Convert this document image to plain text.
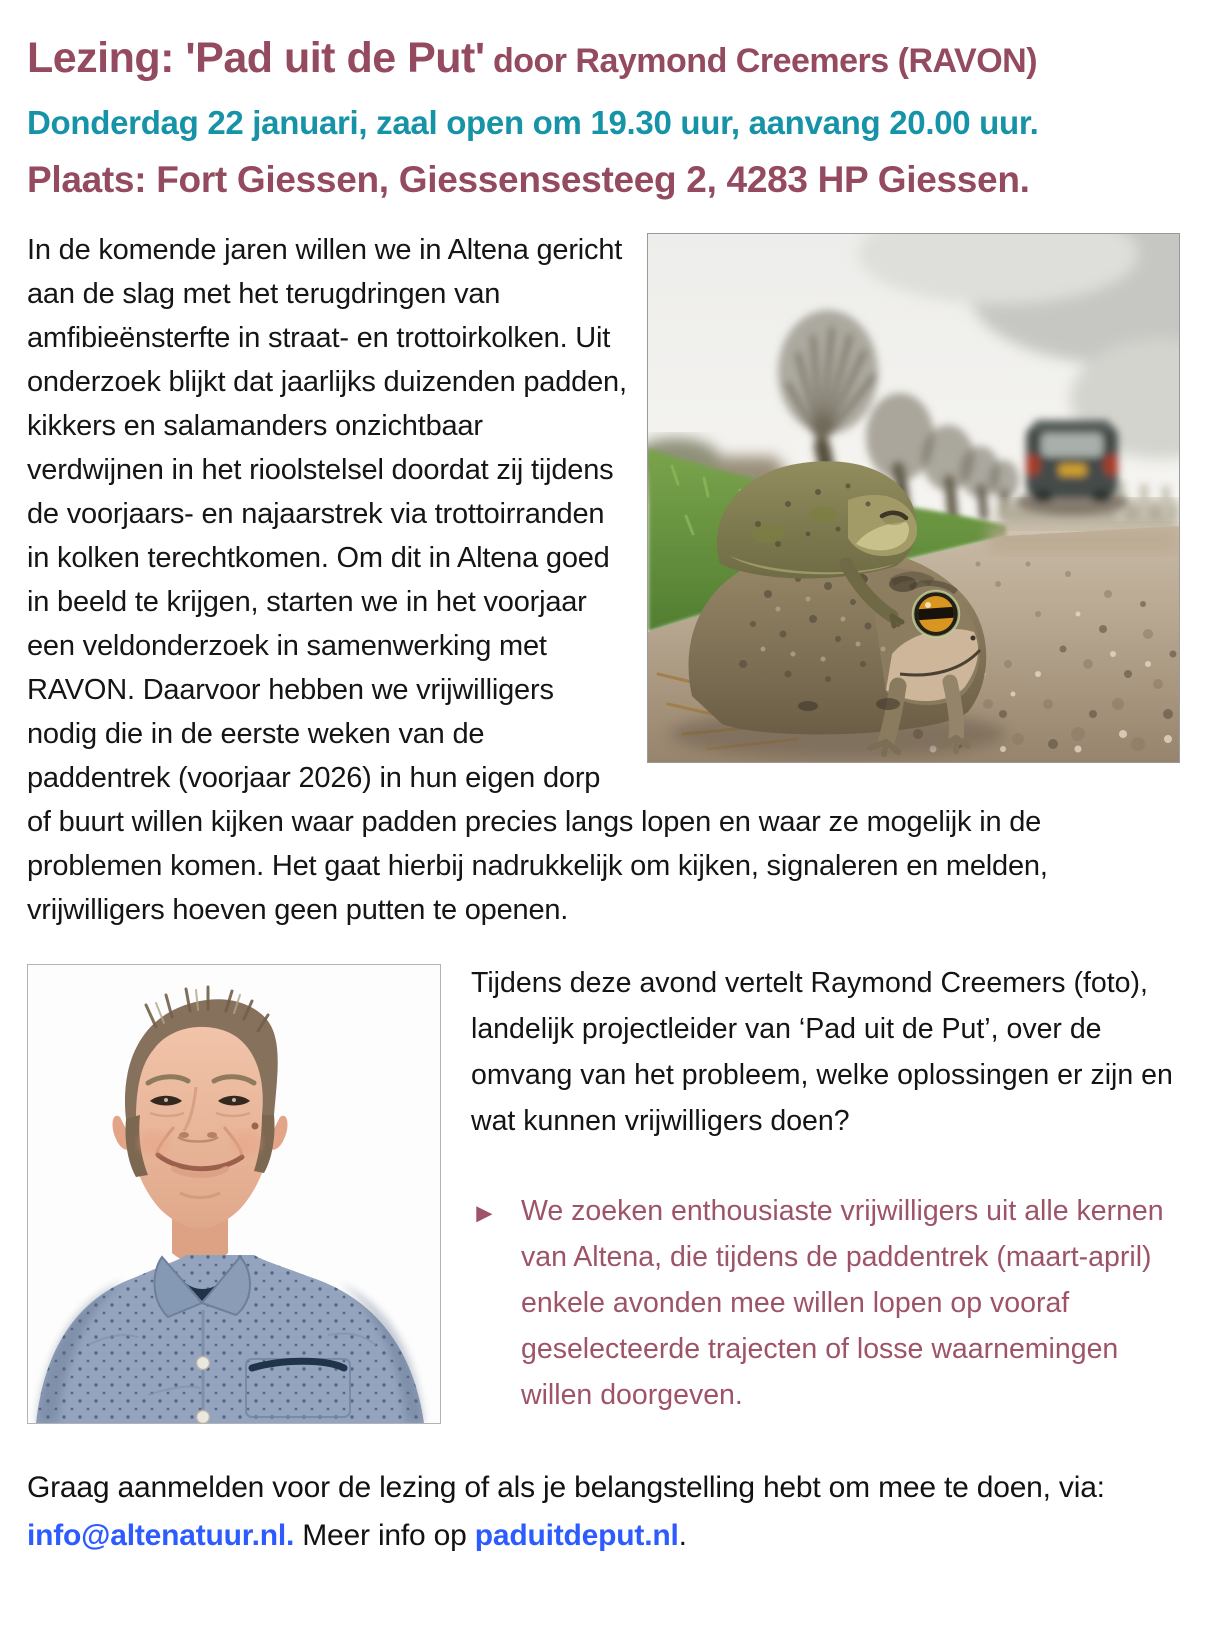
Lezing: 'Pad uit de Put' door Raymond Creemers (RAVON)
Donderdag 22 januari, zaal open om 19.30 uur, aanvang 20.00 uur.
Plaats: Fort Giessen, Giessensesteeg 2, 4283 HP Giessen.
In de komende jaren willen we in Altena gericht aan de slag met het terugdringen van amfibieënsterfte in straat- en trottoirkolken. Uit onderzoek blijkt dat jaarlijks duizenden padden, kikkers en salamanders onzichtbaar verdwijnen in het rioolstelsel doordat zij tijdens de voorjaars- en najaarstrek via trottoirranden in kolken terechtkomen. Om dit in Altena goed in beeld te krijgen, starten we in het voorjaar een veldonderzoek in samenwerking met RAVON. Daarvoor hebben we vrijwilligers nodig die in de eerste weken van de paddentrek (voorjaar 2026) in hun eigen dorp of buurt willen kijken waar padden precies langs lopen en waar ze mogelijk in de problemen komen. Het gaat hierbij nadrukkelijk om kijken, signaleren en melden, vrijwilligers hoeven geen putten te openen.
Tijdens deze avond vertelt Raymond Creemers (foto), landelijk projectleider van ‘Pad uit de Put’, over de omvang van het probleem, welke oplossingen er zijn en wat kunnen vrijwilligers doen?
► We zoeken enthousiaste vrijwilligers uit alle kernen van Altena, die tijdens de paddentrek (maart-april) enkele avonden mee willen lopen op vooraf geselecteerde trajecten of losse waarnemingen willen doorgeven.
Graag aanmelden voor de lezing of als je belangstelling hebt om mee te doen, via: info@altenatuur.nl. Meer info op paduitdeput.nl.
